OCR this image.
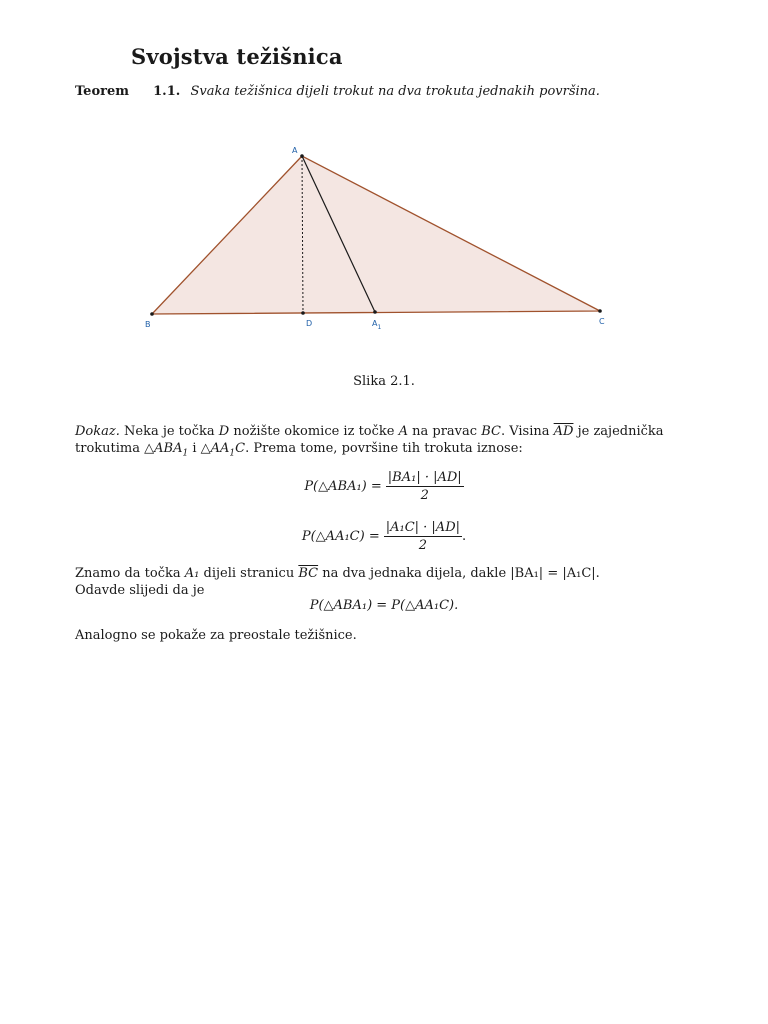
Svojstva težišnica
Teorem 1.1. Svaka težišnica dijeli trokut na dva trokuta jednakih površina.
A
B	C
D	$A_1$
Slika 2.1.
Dokaz. Neka je točka D nožište okomice iz točke A na pravac BC. Visina $\overline{AD}$ je zajednička trokutima $\triangle ABA_1$ i $\triangle AA_1C$. Prema tome, površine tih trokuta iznose:
P(△ABA₁) = $\frac{\text{|BA₁| · |AD|}}{2}$
P(△AA₁C) = $\frac{\text{|A₁C| · |AD|}}{2}$ .
Znamo da točka A₁ dijeli stranicu $\overline{BC}$ na dva jednaka dijela, dakle |BA₁| = |A₁C|.
Odavde slijedi da je
P(△ABA₁) = P(△AA₁C).
Analogno se pokaže za preostale težišnice.
